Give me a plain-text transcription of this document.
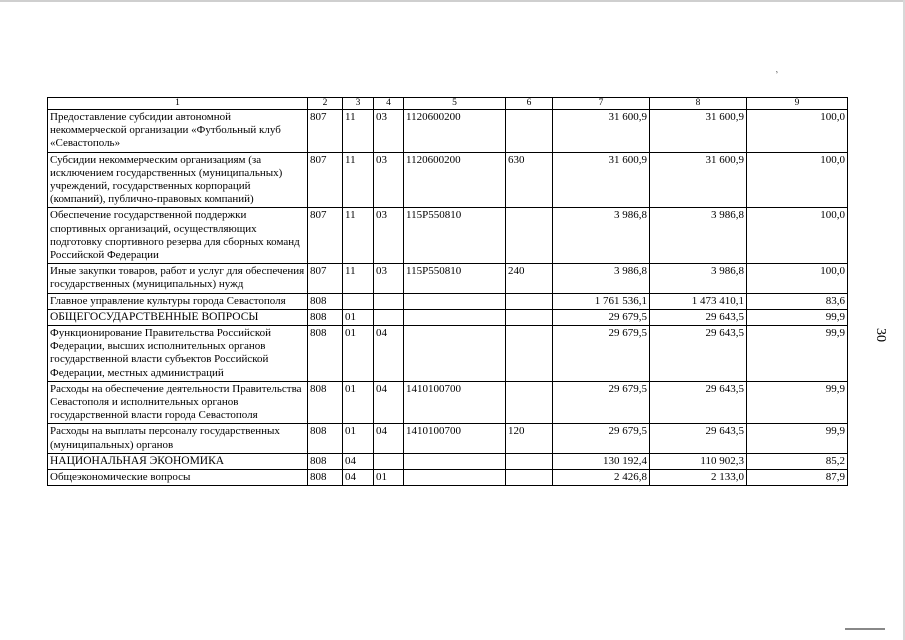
’
1	2	3	4	5	6	7	8	9
Предоставление субсидии автономной некоммерческой организации «Футбольный клуб «Севастополь»	807	11	03	1120600200		31 600,9	31 600,9	100,0
Субсидии некоммерческим организациям (за исключением государственных (муниципальных) учреждений, государственных корпораций (компаний), публично-правовых компаний)	807	11	03	1120600200	630	31 600,9	31 600,9	100,0
Обеспечение государственной поддержки спортивных организаций, осуществляющих подготовку спортивного резерва для сборных команд Российской Федерации	807	11	03	115P550810		3 986,8	3 986,8	100,0
Иные закупки товаров, работ и услуг для обеспечения государственных (муниципальных) нужд	807	11	03	115P550810	240	3 986,8	3 986,8	100,0
Главное управление культуры города Севастополя	808					1 761 536,1	1 473 410,1	83,6
ОБЩЕГОСУДАРСТВЕННЫЕ ВОПРОСЫ	808	01				29 679,5	29 643,5	99,9
Функционирование Правительства Российской Федерации, высших исполнительных органов государственной власти субъектов Российской Федерации, местных администраций	808	01	04			29 679,5	29 643,5	99,9
Расходы на обеспечение деятельности Правительства Севастополя и исполнительных органов государственной власти города Севастополя	808	01	04	1410100700		29 679,5	29 643,5	99,9
Расходы на выплаты персоналу государственных (муниципальных) органов	808	01	04	1410100700	120	29 679,5	29 643,5	99,9
НАЦИОНАЛЬНАЯ ЭКОНОМИКА	808	04				130 192,4	110 902,3	85,2
Общеэкономические вопросы	808	04	01			2 426,8	2 133,0	87,9
30
